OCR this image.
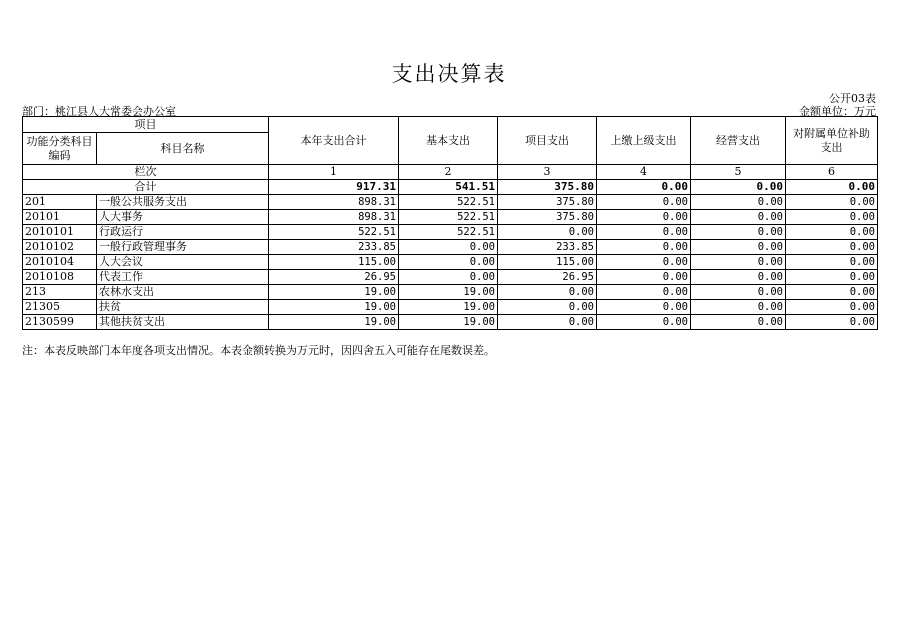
支出决算表
公开03表
部门：桃江县人大常委会办公室	金额单位：万元
项目		本年支出合计	基本支出	项目支出	上缴上级支出	经营支出	对附属单位补助支出
功能分类科目编码	科目名称						
栏次		1	2	3	4	5	6
合计		917.31	541.51	375.80	0.00	0.00	0.00
201	一般公共服务支出	898.31	522.51	375.80	0.00	0.00	0.00
20101	人大事务	898.31	522.51	375.80	0.00	0.00	0.00
2010101	行政运行	522.51	522.51	0.00	0.00	0.00	0.00
2010102	一般行政管理事务	233.85	0.00	233.85	0.00	0.00	0.00
2010104	人大会议	115.00	0.00	115.00	0.00	0.00	0.00
2010108	代表工作	26.95	0.00	26.95	0.00	0.00	0.00
213	农林水支出	19.00	19.00	0.00	0.00	0.00	0.00
21305	扶贫	19.00	19.00	0.00	0.00	0.00	0.00
2130599	其他扶贫支出	19.00	19.00	0.00	0.00	0.00	0.00
注：本表反映部门本年度各项支出情况。本表金额转换为万元时，因四舍五入可能存在尾数误差。
